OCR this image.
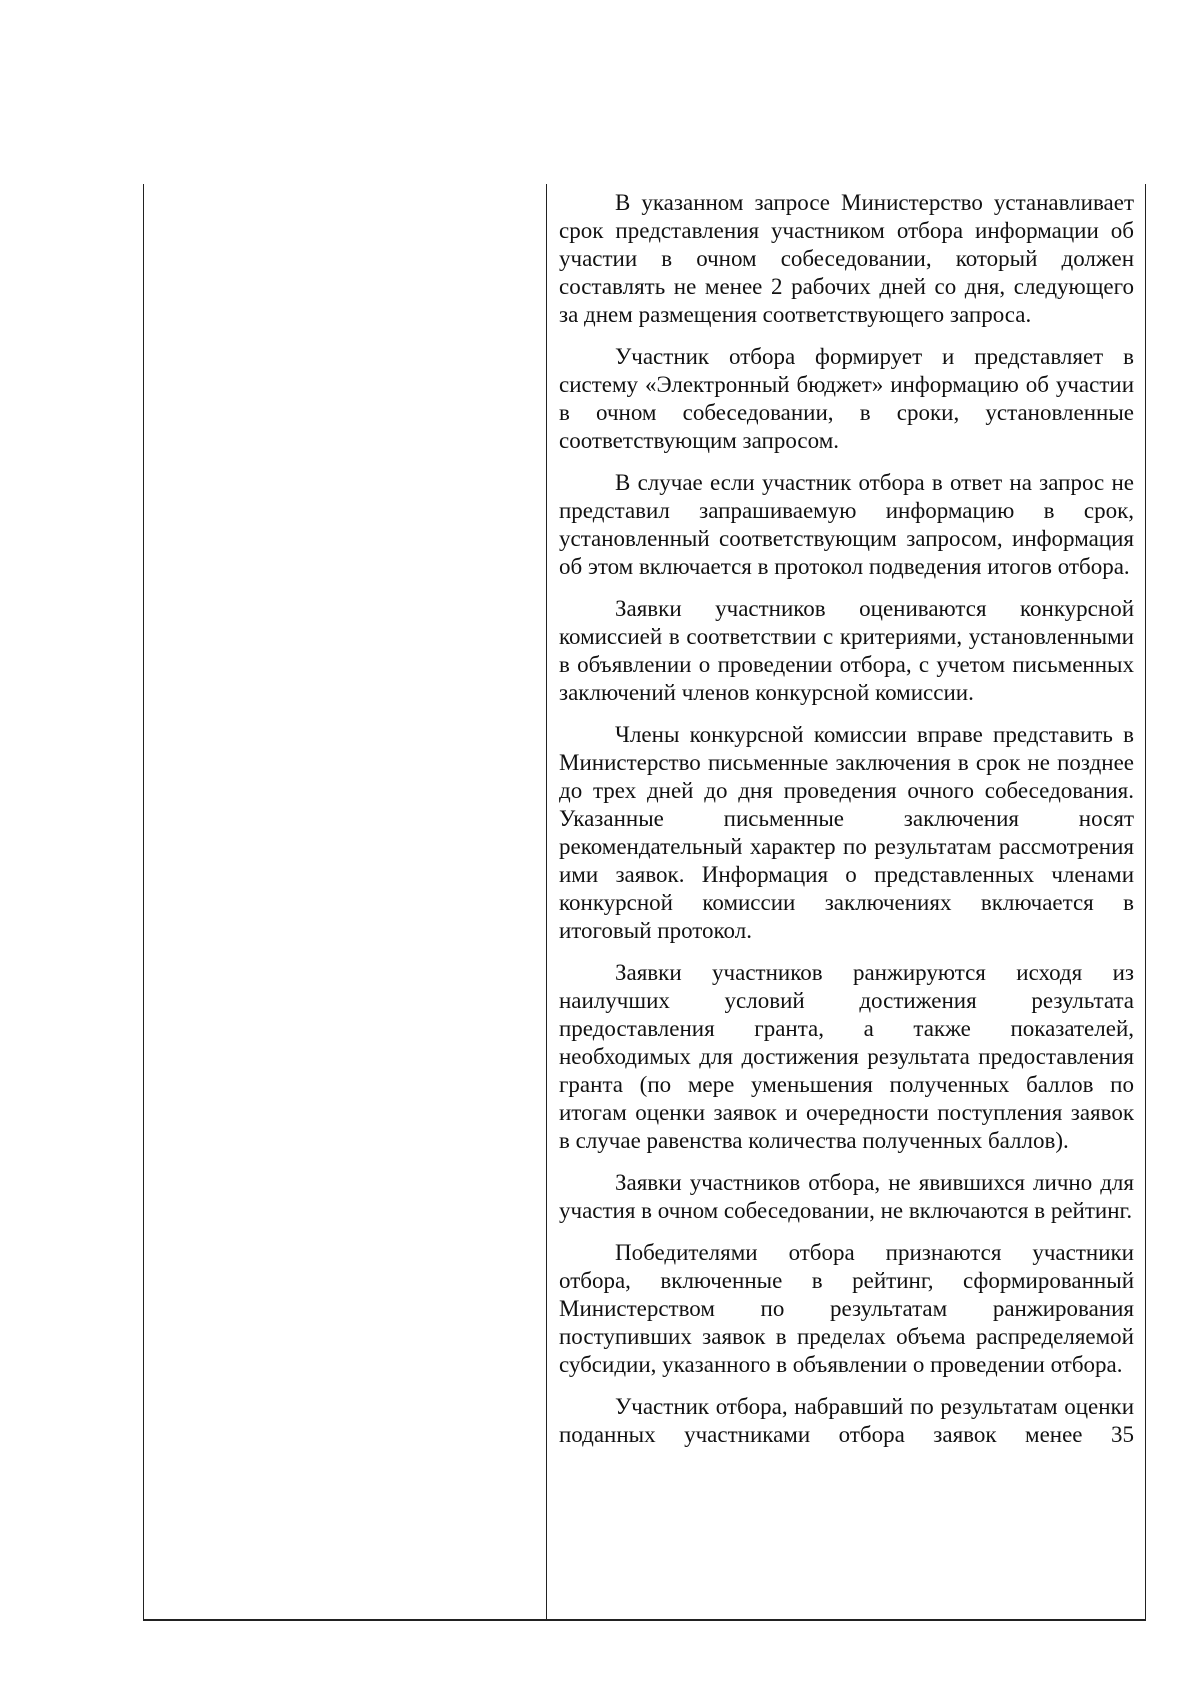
В указанном запросе Министерство устанавливает срок представления участником отбора информации об участии в очном собеседовании, который должен составлять не менее 2 рабочих дней со дня, следующего за днем размещения соответствующего запроса.

Участник отбора формирует и представляет в систему «Электронный бюджет» информацию об участии в очном собеседовании, в сроки, установленные соответствующим запросом.

В случае если участник отбора в ответ на запрос не представил запрашиваемую информацию в срок, установленный соответствующим запросом, информация об этом включается в протокол подведения итогов отбора.

Заявки участников оцениваются конкурсной комиссией в соответствии с критериями, установленными в объявлении о проведении отбора, с учетом письменных заключений членов конкурсной комиссии.

Члены конкурсной комиссии вправе представить в Министерство письменные заключения в срок не позднее до трех дней до дня проведения очного собеседования. Указанные письменные заключения носят рекомендательный характер по результатам рассмотрения ими заявок. Информация о представленных членами конкурсной комиссии заключениях включается в итоговый протокол.

Заявки участников ранжируются исходя из наилучших условий достижения результата предоставления гранта, а также показателей, необходимых для достижения результата предоставления гранта (по мере уменьшения полученных баллов по итогам оценки заявок и очередности поступления заявок в случае равенства количества полученных баллов).

Заявки участников отбора, не явившихся лично для участия в очном собеседовании, не включаются в рейтинг.

Победителями отбора признаются участники отбора, включенные в рейтинг, сформированный Министерством по результатам ранжирования поступивших заявок в пределах объема распределяемой субсидии, указанного в объявлении о проведении отбора.

Участник отбора, набравший по результатам оценки поданных участниками отбора заявок менее 35
